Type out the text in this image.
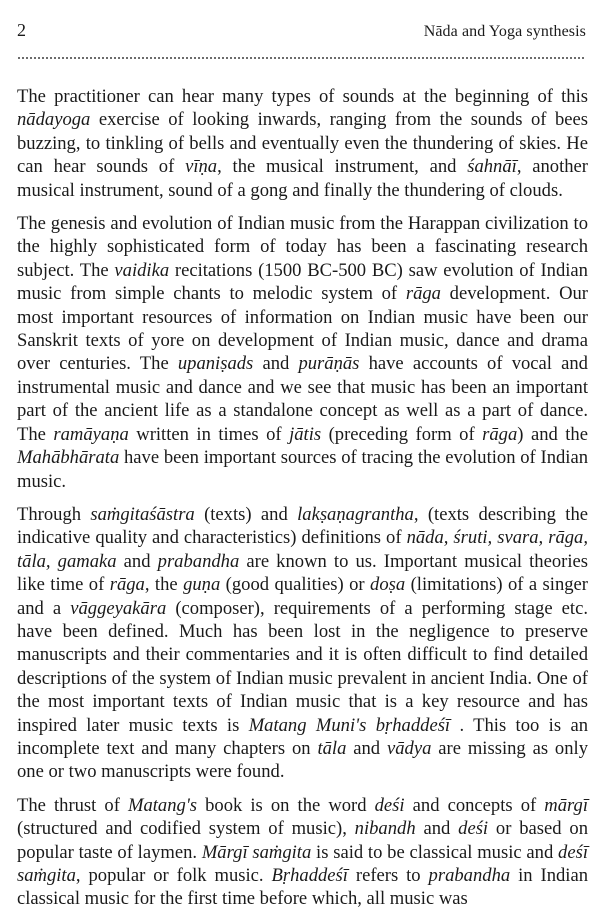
2	Nāda and Yoga synthesis

The practitioner can hear many types of sounds at the beginning of this nādayoga exercise of looking inwards, ranging from the sounds of bees buzzing, to tinkling of bells and eventually even the thundering of skies. He can hear sounds of vīṇa, the musical instrument, and śahnāī, another musical instrument, sound of a gong and finally the thundering of clouds.

The genesis and evolution of Indian music from the Harappan civilization to the highly sophisticated form of today has been a fascinating research subject. The vaidika recitations (1500 BC-500 BC) saw evolution of Indian music from simple chants to melodic system of rāga development. Our most important resources of information on Indian music have been our Sanskrit texts of yore on development of Indian music, dance and drama over centuries. The upaniṣads and purāṇās have accounts of vocal and instrumental music and dance and we see that music has been an important part of the ancient life as a standalone concept as well as a part of dance. The ramāyaṇa written in times of jātis (preceding form of rāga) and the Mahābhārata have been important sources of tracing the evolution of Indian music.

Through saṁgitaśāstra (texts) and lakṣaṇagrantha, (texts describing the indicative quality and characteristics) definitions of nāda, śruti, svara, rāga, tāla, gamaka and prabandha are known to us. Important musical theories like time of rāga, the guṇa (good qualities) or doṣa (limitations) of a singer and a vāggeyakāra (composer), requirements of a performing stage etc. have been defined. Much has been lost in the negligence to preserve manuscripts and their commentaries and it is often difficult to find detailed descriptions of the system of Indian music prevalent in ancient India. One of the most important texts of Indian music that is a key resource and has inspired later music texts is Matang Muni's bṛhaddeśī . This too is an incomplete text and many chapters on tāla and vādya are missing as only one or two manuscripts were found.

The thrust of Matang's book is on the word deśi and concepts of mārgī (structured and codified system of music), nibandh and deśi or based on popular taste of laymen. Mārgī saṁgita is said to be classical music and deśī saṁgita, popular or folk music. Bṛhaddeśī refers to prabandha in Indian classical music for the first time before which, all music was
